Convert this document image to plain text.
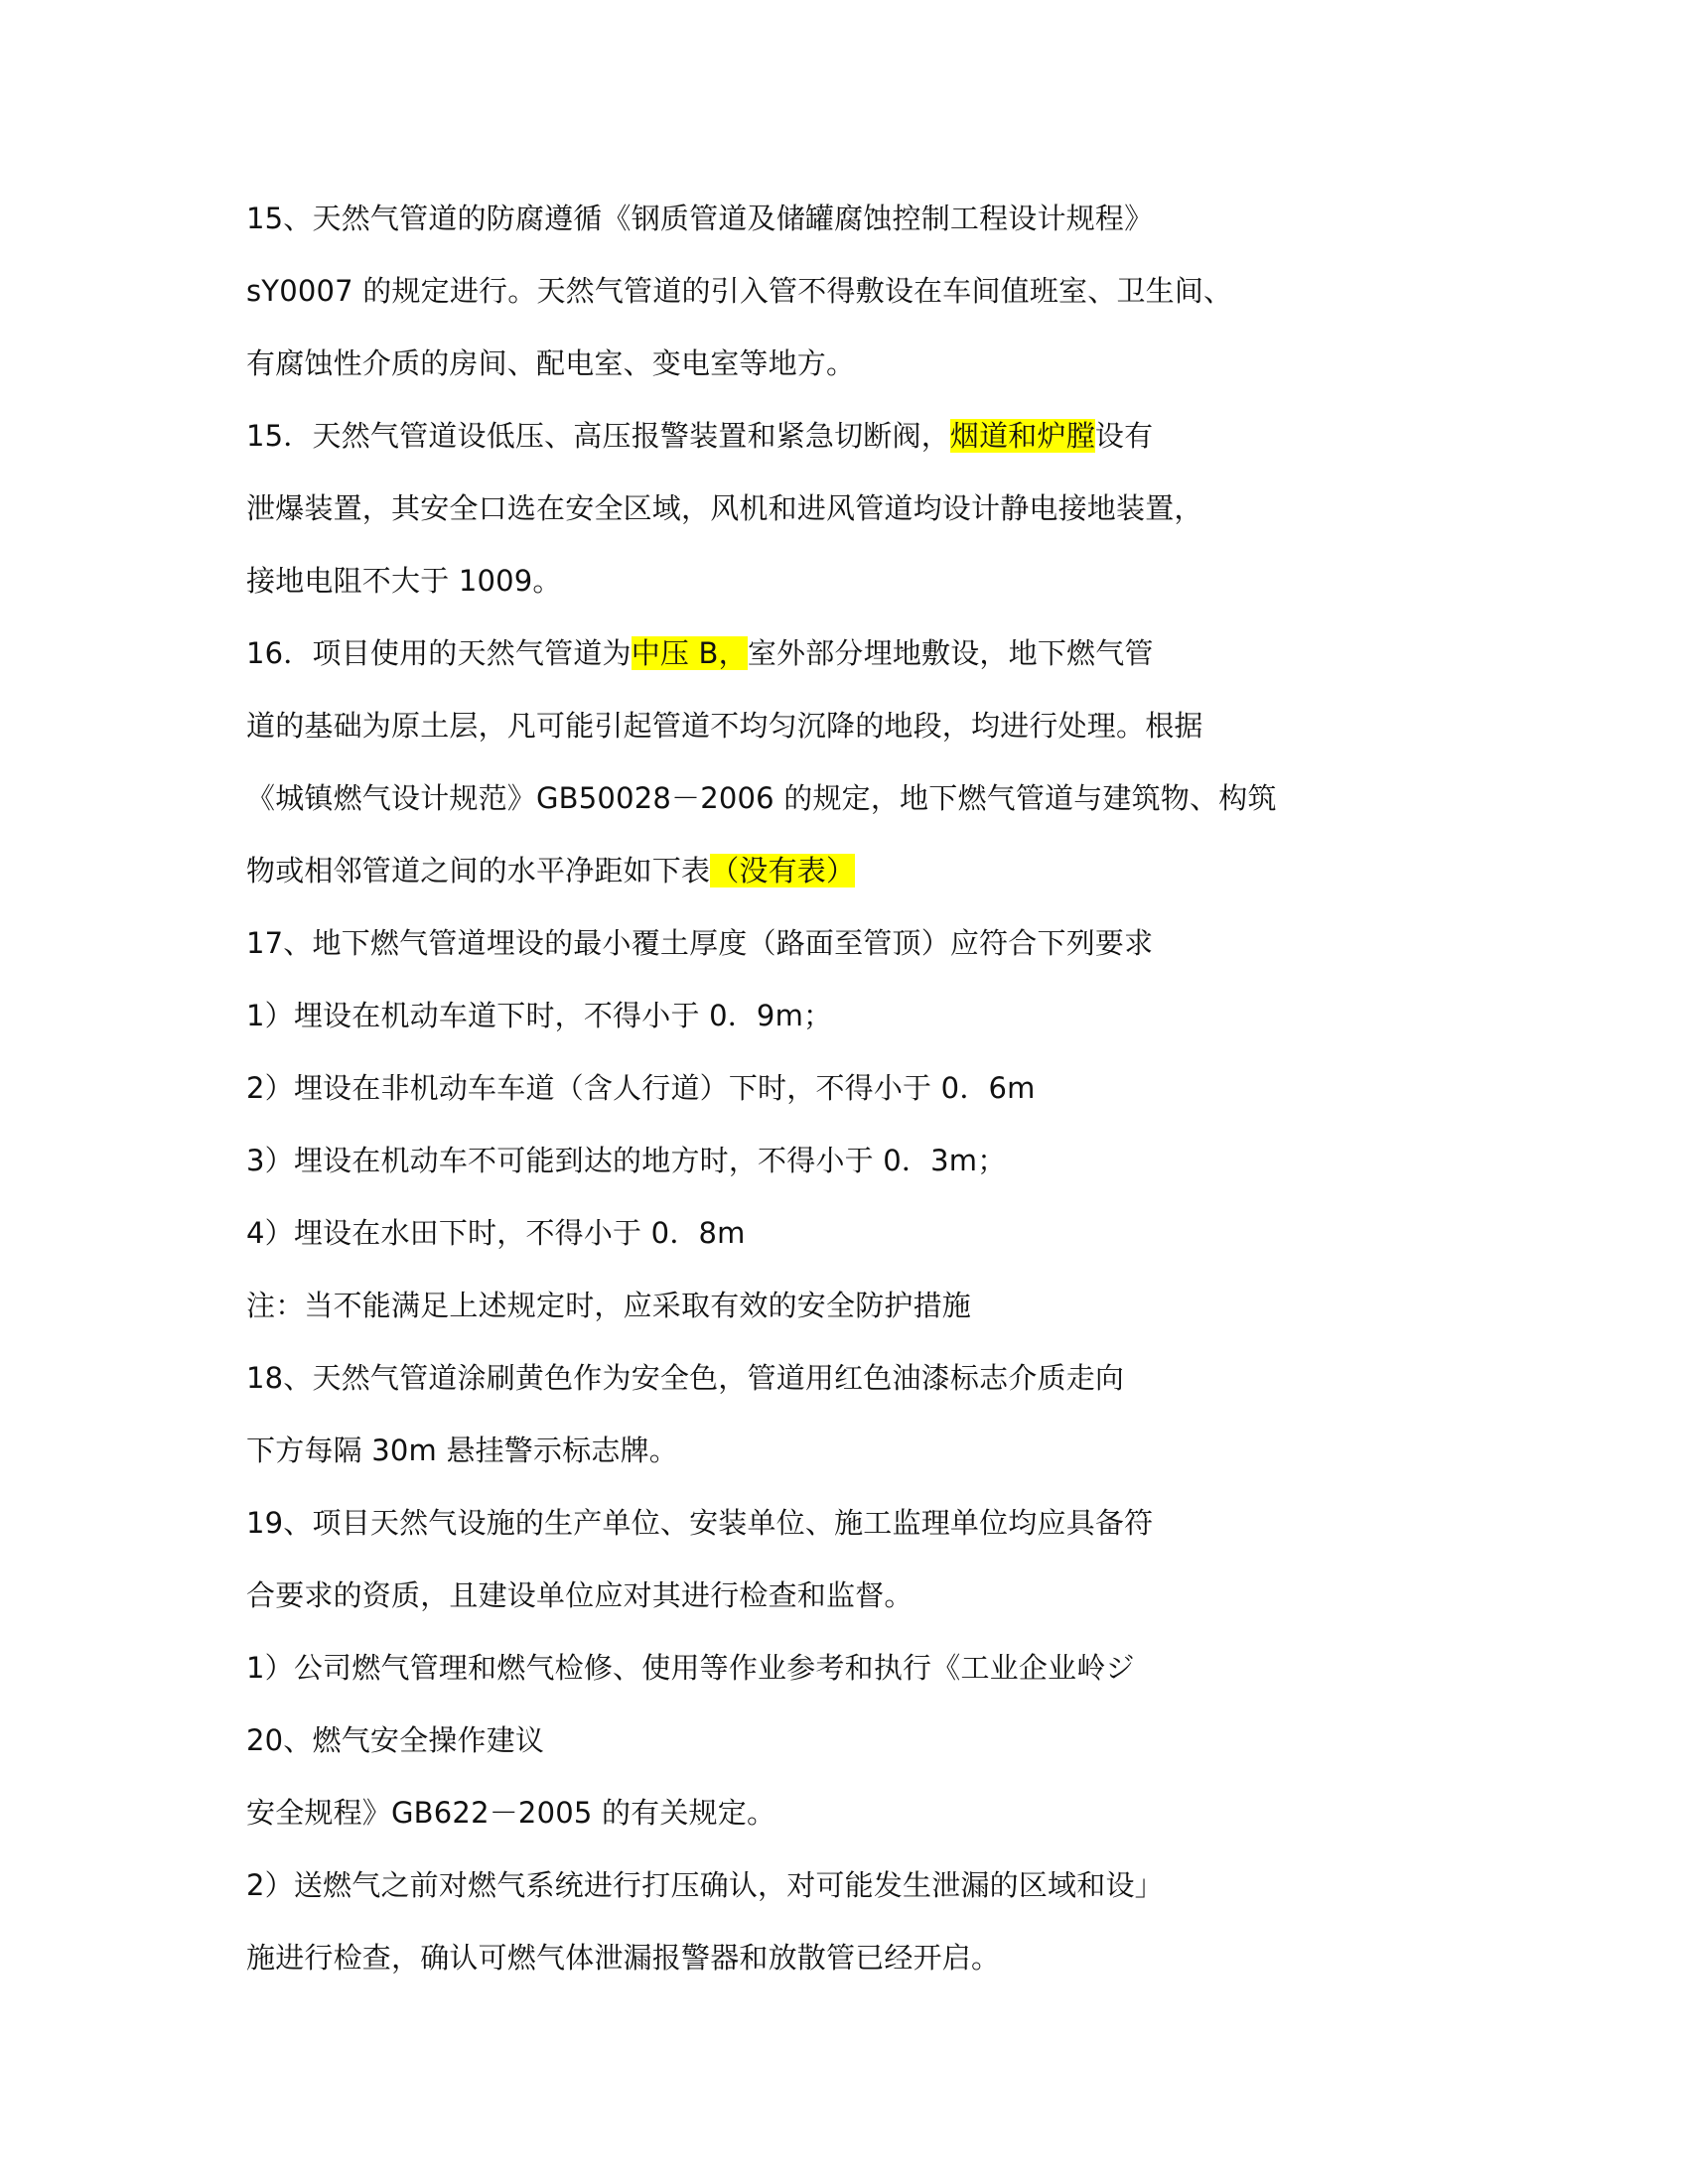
15、天然气管道的防腐遵循《钢质管道及储罐腐蚀控制工程设计规程》
sY0007 的规定进行。天然气管道的引入管不得敷设在车间值班室、卫生间、
有腐蚀性介质的房间、配电室、变电室等地方。
15．天然气管道设低压、高压报警装置和紧急切断阀，烟道和炉膛设有
泄爆装置，其安全口选在安全区域，风机和进风管道均设计静电接地装置，
接地电阻不大于 1009。
16．项目使用的天然气管道为中压 B，室外部分埋地敷设，地下燃气管
道的基础为原土层，凡可能引起管道不均匀沉降的地段，均进行处理。根据
《城镇燃气设计规范》GB50028－2006 的规定，地下燃气管道与建筑物、构筑
物或相邻管道之间的水平净距如下表（没有表）
17、地下燃气管道埋设的最小覆土厚度（路面至管顶）应符合下列要求
1）埋设在机动车道下时，不得小于 0．9m；
2）埋设在非机动车车道（含人行道）下时，不得小于 0．6m
3）埋设在机动车不可能到达的地方时，不得小于 0．3m；
4）埋设在水田下时，不得小于 0．8m
注：当不能满足上述规定时，应采取有效的安全防护措施
18、天然气管道涂刷黄色作为安全色，管道用红色油漆标志介质走向
下方每隔 30m 悬挂警示标志牌。
19、项目天然气设施的生产单位、安装单位、施工监理单位均应具备符
合要求的资质，且建设单位应对其进行检查和监督。
1）公司燃气管理和燃气检修、使用等作业参考和执行《工业企业岭ジ
20、燃气安全操作建议
安全规程》GB622－2005 的有关规定。
2）送燃气之前对燃气系统进行打压确认，对可能发生泄漏的区域和设｣
施进行检查，确认可燃气体泄漏报警器和放散管已经开启。
